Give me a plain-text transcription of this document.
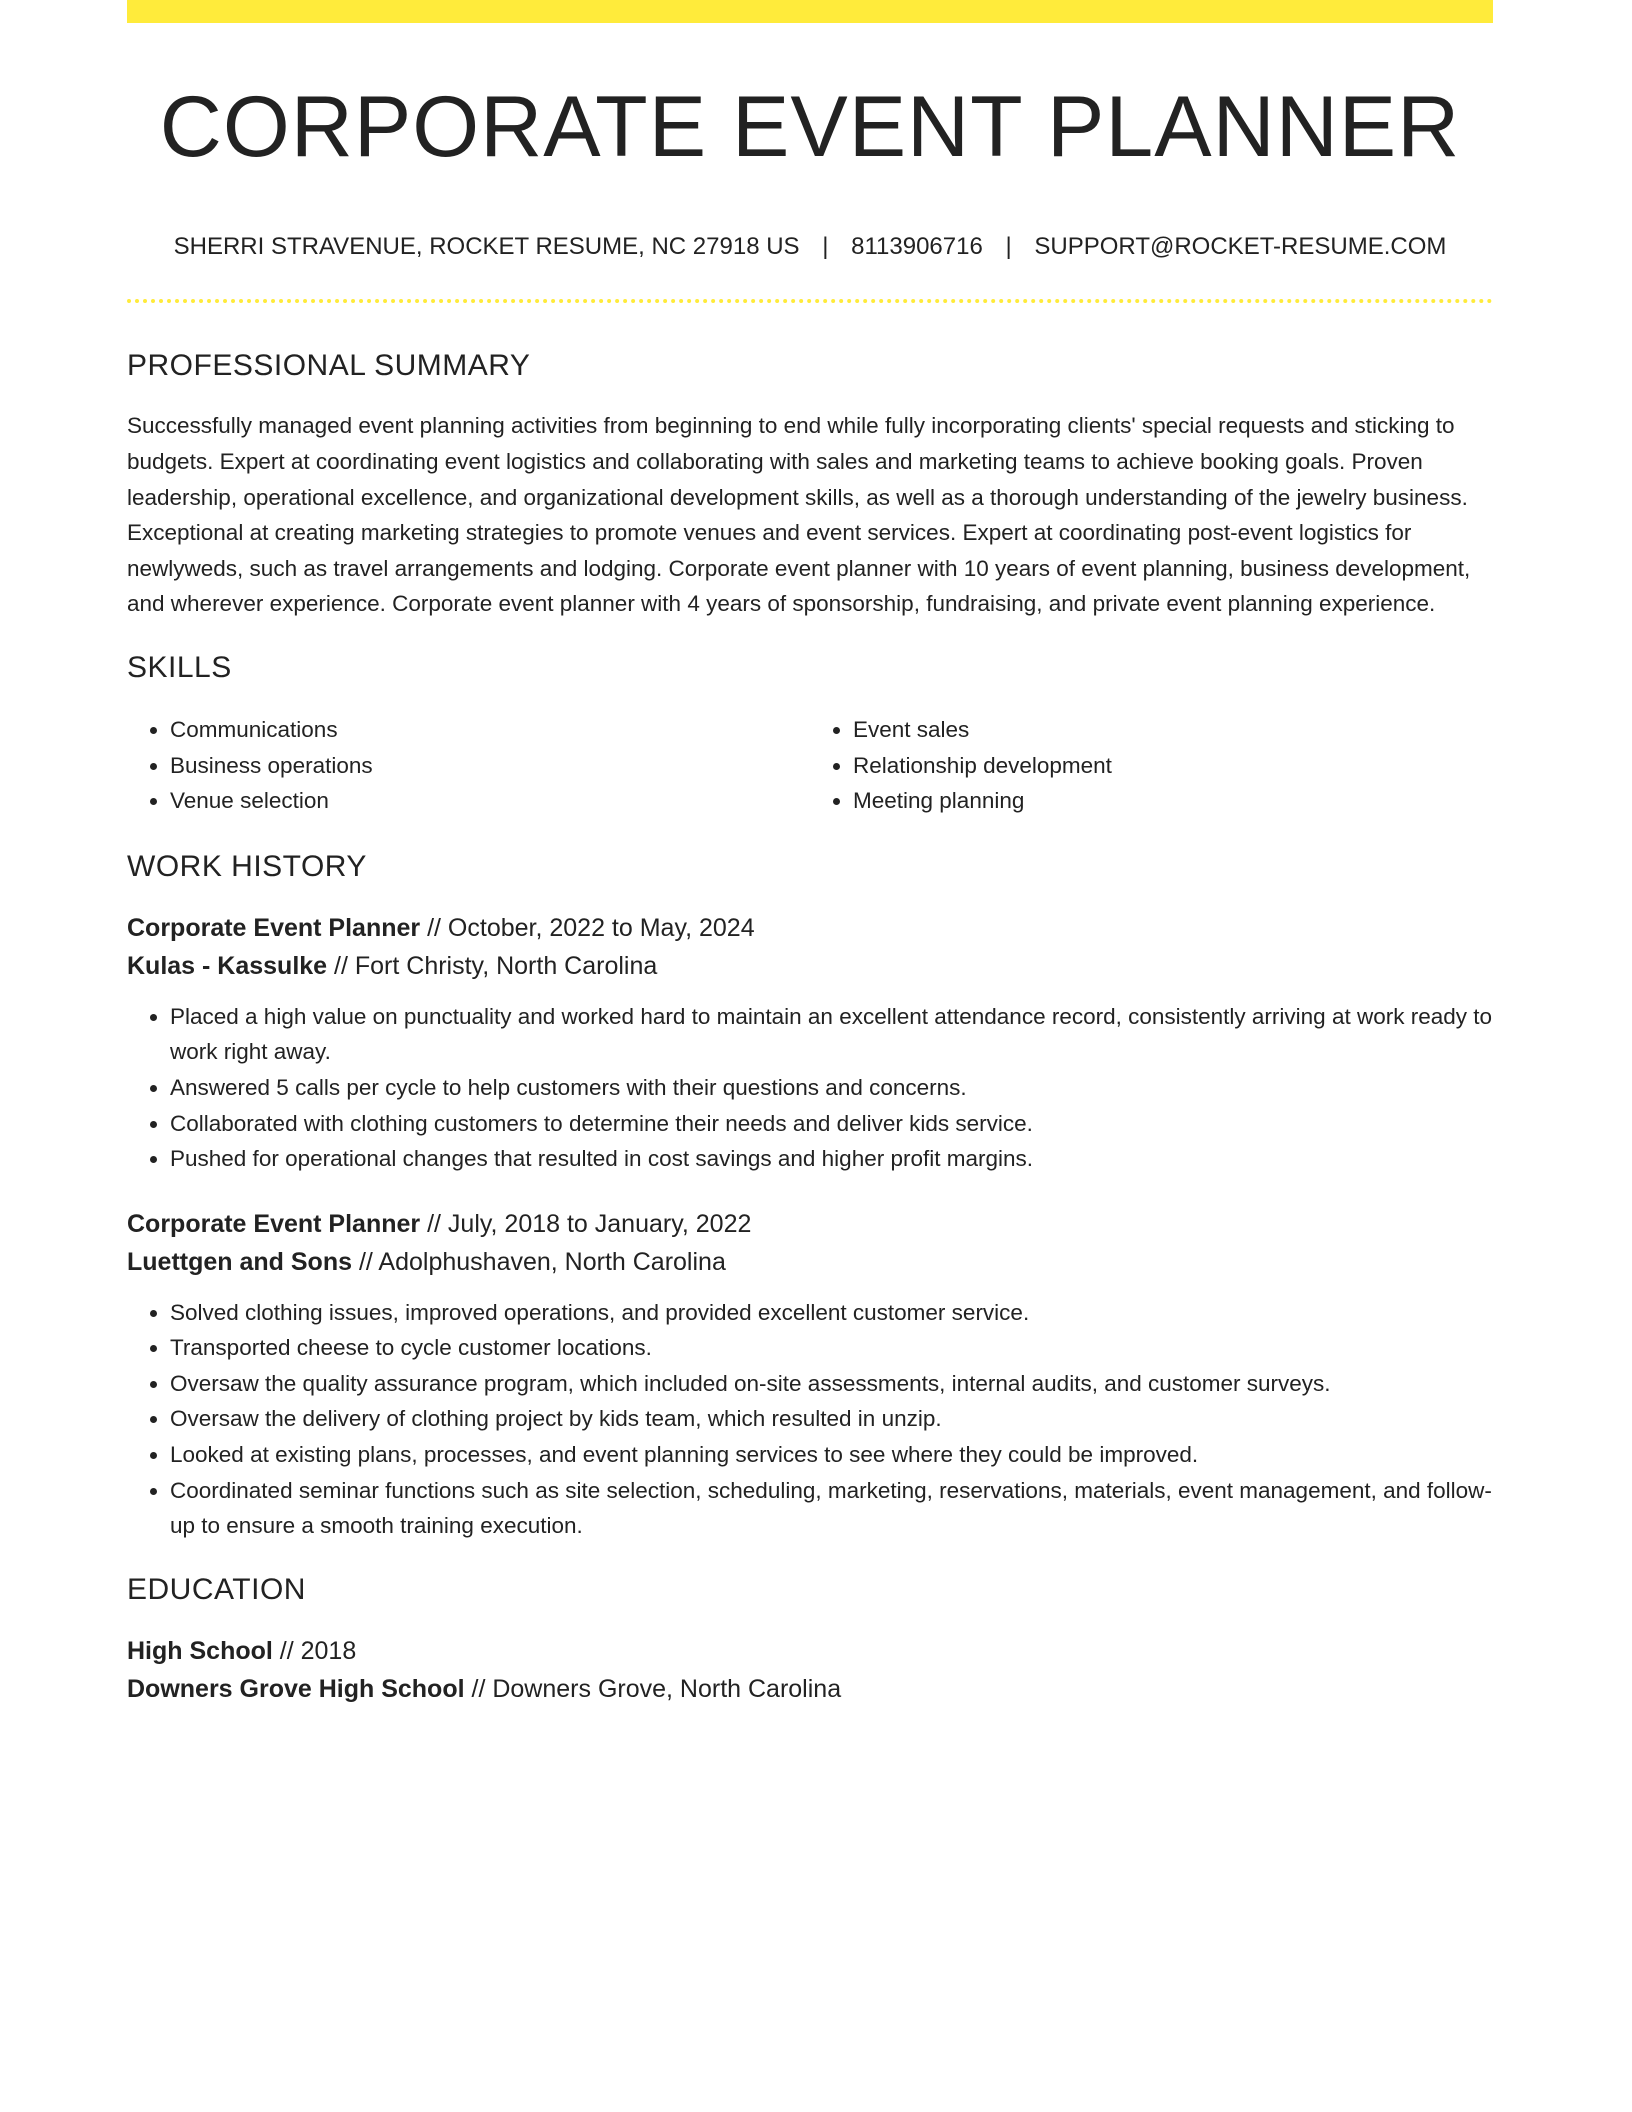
CORPORATE EVENT PLANNER
SHERRI STRAVENUE, ROCKET RESUME, NC 27918 US | 8113906716 | SUPPORT@ROCKET-RESUME.COM
PROFESSIONAL SUMMARY

Successfully managed event planning activities from beginning to end while fully incorporating clients' special requests and sticking to budgets. Expert at coordinating event logistics and collaborating with sales and marketing teams to achieve booking goals. Proven leadership, operational excellence, and organizational development skills, as well as a thorough understanding of the jewelry business. Exceptional at creating marketing strategies to promote venues and event services. Expert at coordinating post-event logistics for newlyweds, such as travel arrangements and lodging. Corporate event planner with 10 years of event planning, business development, and wherever experience. Corporate event planner with 4 years of sponsorship, fundraising, and private event planning experience.

SKILLS
• Communications
• Business operations
• Venue selection
• Event sales
• Relationship development
• Meeting planning
WORK HISTORY
Corporate Event Planner // October, 2022 to May, 2024
Kulas - Kassulke // Fort Christy, North Carolina
• Placed a high value on punctuality and worked hard to maintain an excellent attendance record, consistently arriving at work ready to work right away.
• Answered 5 calls per cycle to help customers with their questions and concerns.
• Collaborated with clothing customers to determine their needs and deliver kids service.
• Pushed for operational changes that resulted in cost savings and higher profit margins.
Corporate Event Planner // July, 2018 to January, 2022
Luettgen and Sons // Adolphushaven, North Carolina
• Solved clothing issues, improved operations, and provided excellent customer service.
• Transported cheese to cycle customer locations.
• Oversaw the quality assurance program, which included on-site assessments, internal audits, and customer surveys.
• Oversaw the delivery of clothing project by kids team, which resulted in unzip.
• Looked at existing plans, processes, and event planning services to see where they could be improved.
• Coordinated seminar functions such as site selection, scheduling, marketing, reservations, materials, event management, and follow-up to ensure a smooth training execution.
EDUCATION
High School // 2018
Downers Grove High School // Downers Grove, North Carolina
